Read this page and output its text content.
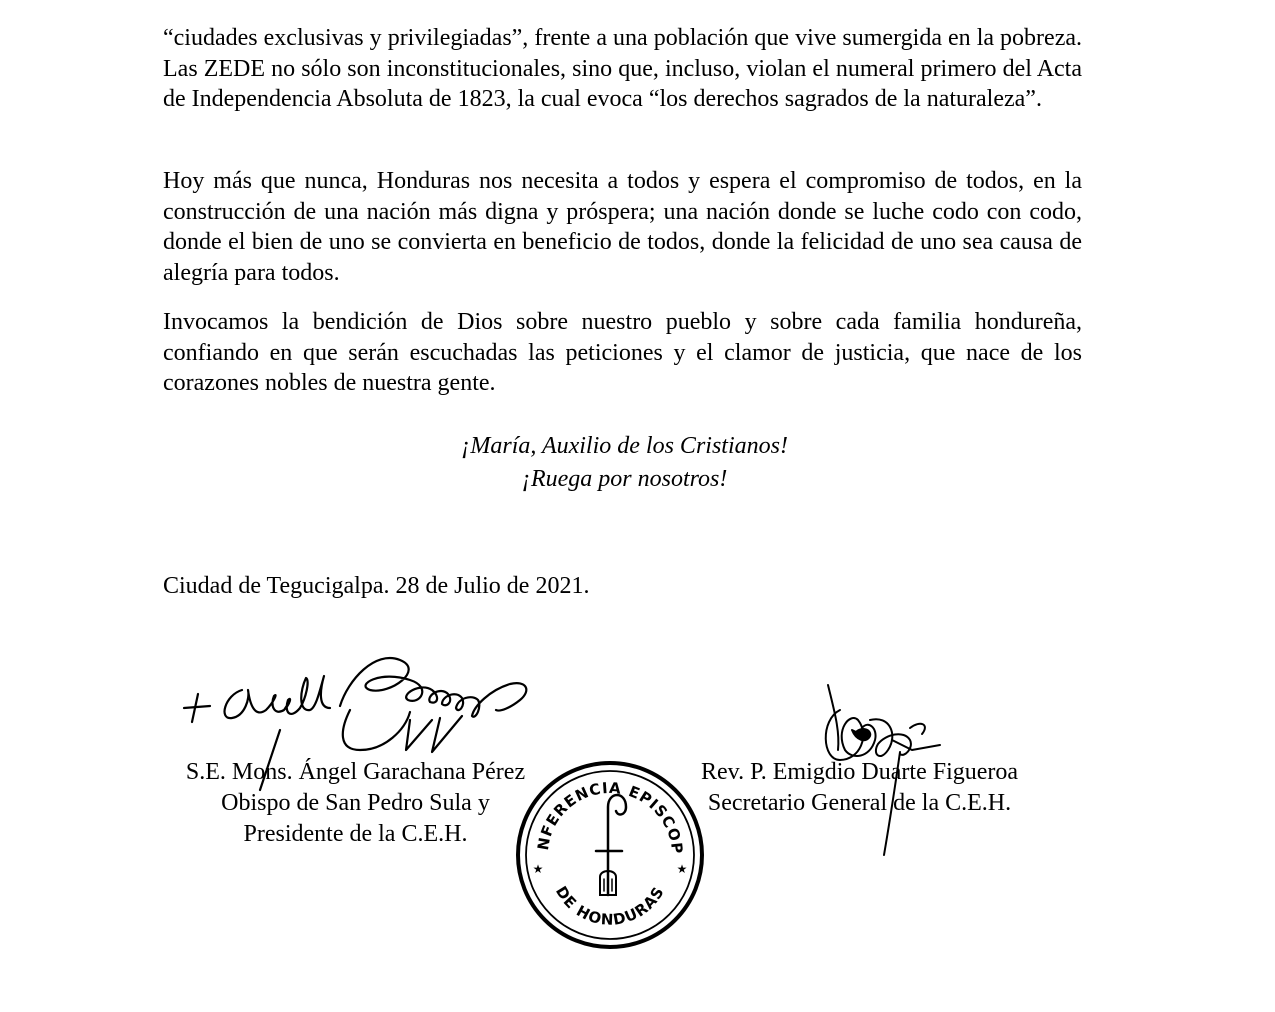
“ciudades exclusivas y privilegiadas”, frente a una población que vive sumergida en la pobreza. Las ZEDE no sólo son inconstitucionales, sino que, incluso, violan el numeral primero del Acta de Independencia Absoluta de 1823, la cual evoca “los derechos sagrados de la naturaleza”.

Hoy más que nunca, Honduras nos necesita a todos y espera el compromiso de todos, en la construcción de una nación más digna y próspera; una nación donde se luche codo con codo, donde el bien de uno se convierta en beneficio de todos, donde la felicidad de uno sea causa de alegría para todos.

Invocamos la bendición de Dios sobre nuestro pueblo y sobre cada familia hondureña, confiando en que serán escuchadas las peticiones y el clamor de justicia, que nace de los corazones nobles de nuestra gente.

¡María, Auxilio de los Cristianos!
¡Ruega por nosotros!
Ciudad de Tegucigalpa. 28 de Julio de 2021.
CONFERENCIA EPISCOPAL
DE HONDURAS
★	★
S.E. Mons. Ángel Garachana Pérez
Obispo de San Pedro Sula y
Presidente de la C.E.H.
Rev. P. Emigdio Duarte Figueroa
Secretario General de la C.E.H.
